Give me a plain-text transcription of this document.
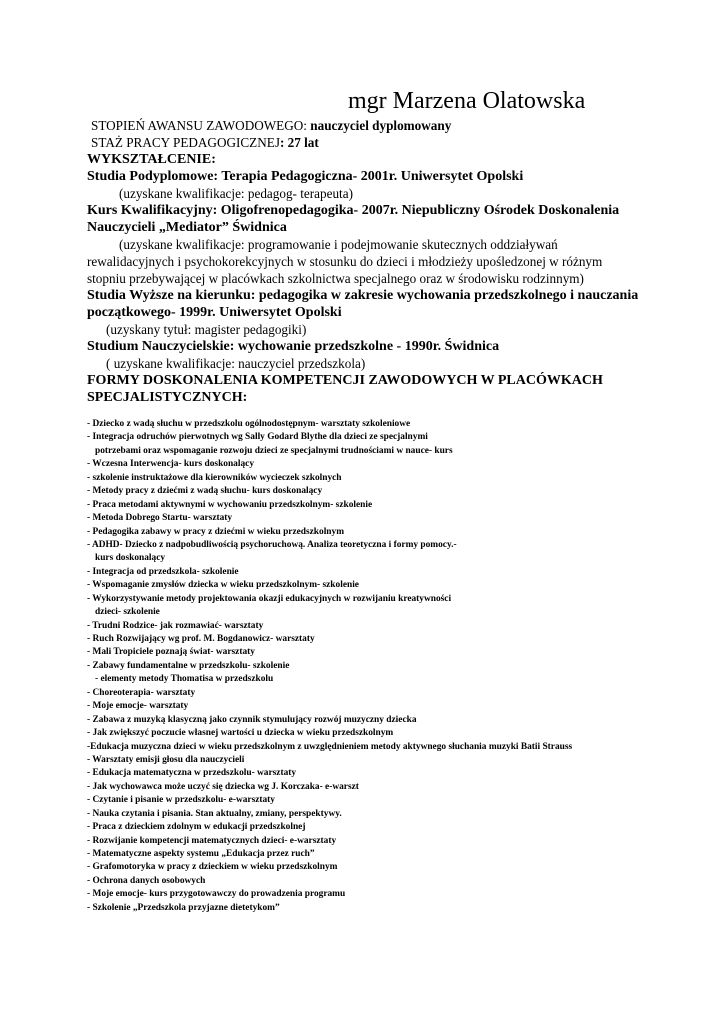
mgr Marzena Olatowska
STOPIEŃ AWANSU ZAWODOWEGO: nauczyciel dyplomowany
STAŻ PRACY PEDAGOGICZNEJ: 27 lat
WYKSZTAŁCENIE:
Studia Podyplomowe: Terapia Pedagogiczna- 2001r. Uniwersytet Opolski
(uzyskane kwalifikacje: pedagog- terapeuta)
Kurs Kwalifikacyjny: Oligofrenopedagogika- 2007r. Niepubliczny Ośrodek Doskonalenia
Nauczycieli „Mediator” Świdnica
(uzyskane kwalifikacje: programowanie i podejmowanie skutecznych oddziaływań
rewalidacyjnych i psychokorekcyjnych w stosunku do dzieci i młodzieży upośledzonej w różnym
stopniu przebywającej w placówkach szkolnictwa specjalnego oraz w środowisku rodzinnym)
Studia Wyższe na kierunku: pedagogika w zakresie wychowania przedszkolnego i nauczania
początkowego- 1999r. Uniwersytet Opolski
(uzyskany tytuł: magister pedagogiki)
Studium Nauczycielskie: wychowanie przedszkolne - 1990r. Świdnica
( uzyskane kwalifikacje: nauczyciel przedszkola)
FORMY DOSKONALENIA KOMPETENCJI ZAWODOWYCH W PLACÓWKACH
SPECJALISTYCZNYCH:
- Dziecko z wadą słuchu w przedszkolu ogólnodostępnym- warsztaty szkoleniowe
- Integracja odruchów pierwotnych wg Sally Godard Blythe dla dzieci ze specjalnymi
potrzebami oraz wspomaganie rozwoju dzieci ze specjalnymi trudnościami w nauce- kurs
- Wczesna Interwencja- kurs doskonalący
- szkolenie instruktażowe dla kierowników wycieczek szkolnych
- Metody pracy z dziećmi z wadą słuchu- kurs doskonalący
- Praca metodami aktywnymi w wychowaniu przedszkolnym- szkolenie
- Metoda Dobrego Startu- warsztaty
- Pedagogika zabawy w pracy z dziećmi w wieku przedszkolnym
- ADHD- Dziecko z nadpobudliwością psychoruchową. Analiza teoretyczna i formy pomocy.-
kurs doskonalący
- Integracja od przedszkola- szkolenie
- Wspomaganie zmysłów dziecka w wieku przedszkolnym- szkolenie
- Wykorzystywanie metody projektowania okazji edukacyjnych w rozwijaniu kreatywności
dzieci- szkolenie
- Trudni Rodzice- jak rozmawiać- warsztaty
- Ruch Rozwijający wg prof. M. Bogdanowicz- warsztaty
- Mali Tropiciele poznają świat- warsztaty
- Zabawy fundamentalne w przedszkolu- szkolenie
- elementy metody Thomatisa w przedszkolu
- Choreoterapia- warsztaty
- Moje emocje- warsztaty
- Zabawa z muzyką klasyczną jako czynnik stymulujący rozwój muzyczny dziecka
- Jak zwiększyć poczucie własnej wartości u dziecka w wieku przedszkolnym
-Edukacja muzyczna dzieci w wieku przedszkolnym z uwzględnieniem metody aktywnego słuchania muzyki Batii Strauss
- Warsztaty emisji głosu dla nauczycieli
- Edukacja matematyczna w przedszkolu- warsztaty
- Jak wychowawca może uczyć się dziecka wg J. Korczaka- e-warszt
- Czytanie i pisanie w przedszkolu- e-warsztaty
- Nauka czytania i pisania. Stan aktualny, zmiany, perspektywy.
- Praca z dzieckiem zdolnym w edukacji przedszkolnej
- Rozwijanie kompetencji matematycznych dzieci- e-warsztaty
- Matematyczne aspekty systemu „Edukacja przez ruch”
- Grafomotoryka w pracy z dzieckiem w wieku przedszkolnym
- Ochrona danych osobowych
- Moje emocje- kurs przygotowawczy do prowadzenia programu
- Szkolenie „Przedszkola przyjazne dietetykom”
